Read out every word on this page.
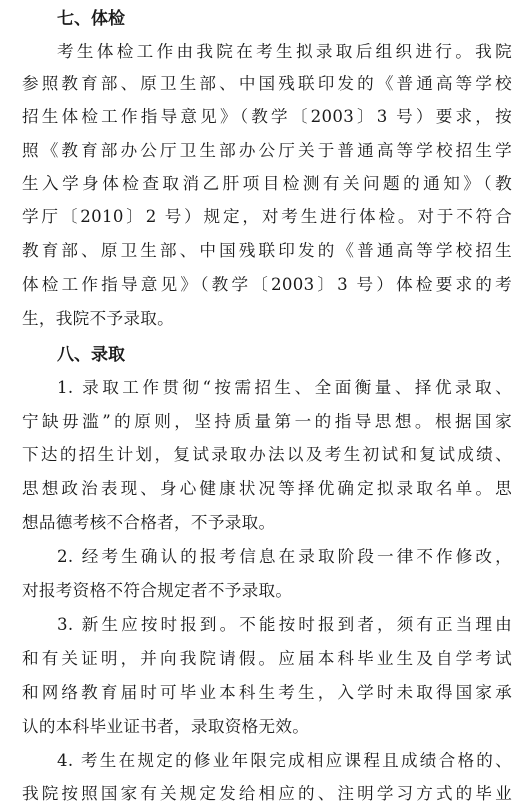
七、体检
考生体检工作由我院在考生拟录取后组织进行。我院
参照教育部、原卫生部、中国残联印发的《普通高等学校
招生体检工作指导意见》（教学〔2003〕3 号）要求，按
照《教育部办公厅卫生部办公厅关于普通高等学校招生学
生入学身体检查取消乙肝项目检测有关问题的通知》（教
学厅〔2010〕2 号）规定，对考生进行体检。对于不符合
教育部、原卫生部、中国残联印发的《普通高等学校招生
体检工作指导意见》（教学〔2003〕3 号）体检要求的考
生，我院不予录取。
八、录取
1. 录取工作贯彻“按需招生、全面衡量、择优录取、
宁缺毋滥”的原则，坚持质量第一的指导思想。根据国家
下达的招生计划，复试录取办法以及考生初试和复试成绩、
思想政治表现、身心健康状况等择优确定拟录取名单。思
想品德考核不合格者，不予录取。
2. 经考生确认的报考信息在录取阶段一律不作修改，
对报考资格不符合规定者不予录取。
3. 新生应按时报到。不能按时报到者，须有正当理由
和有关证明，并向我院请假。应届本科毕业生及自学考试
和网络教育届时可毕业本科生考生，入学时未取得国家承
认的本科毕业证书者，录取资格无效。
4. 考生在规定的修业年限完成相应课程且成绩合格的、
我院按照国家有关规定发给相应的、注明学习方式的毕业
